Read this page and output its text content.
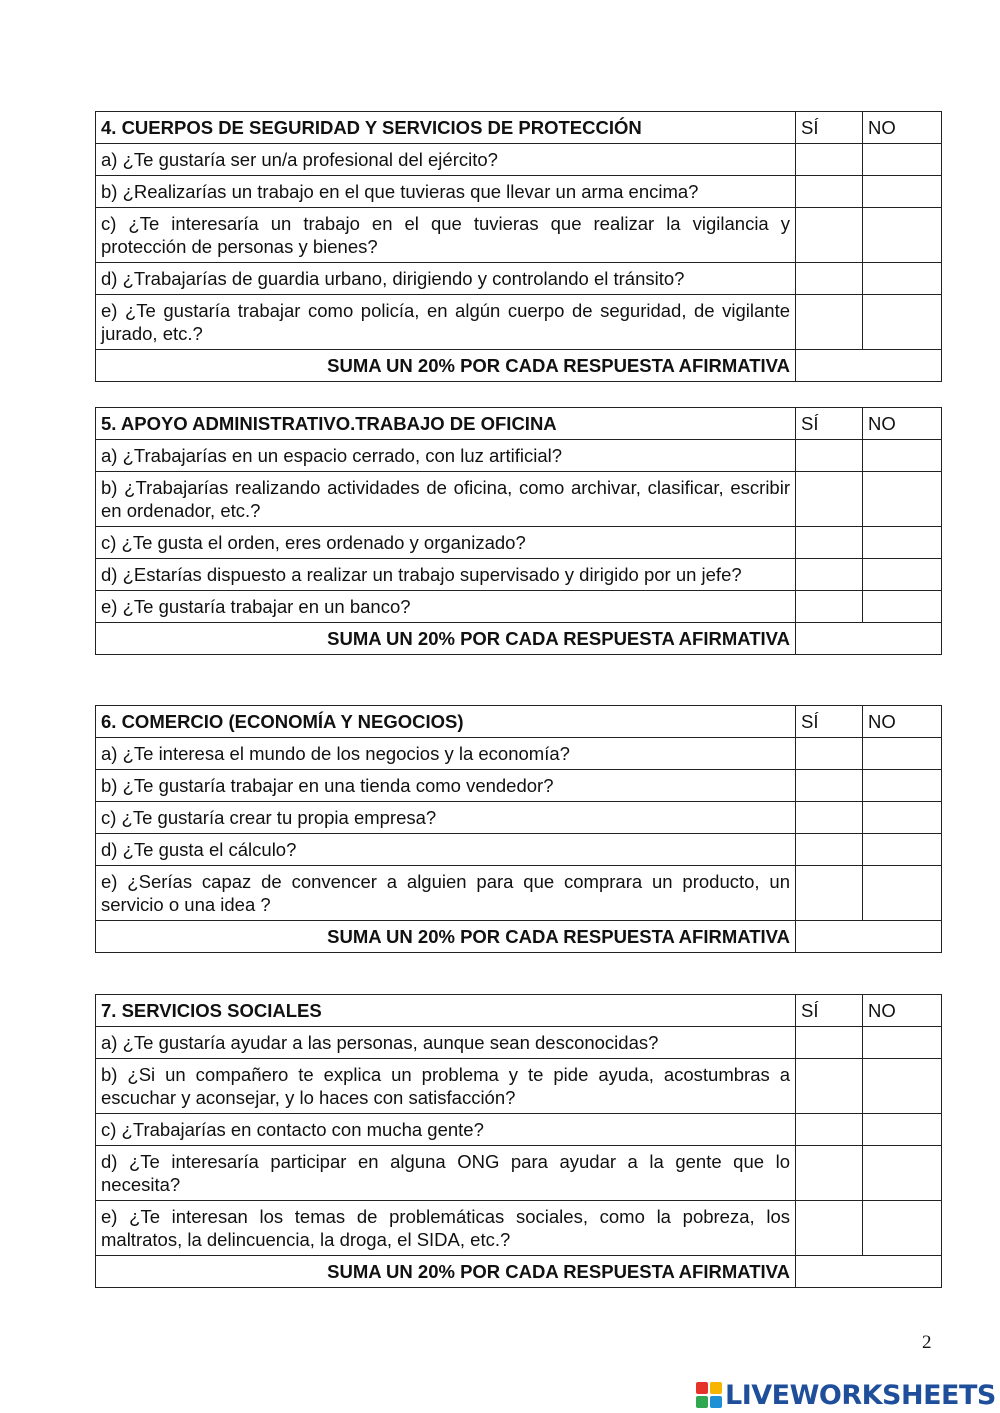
4. CUERPOS DE SEGURIDAD Y SERVICIOS DE PROTECCIÓN	SÍ	NO
a) ¿Te gustaría ser un/a profesional del ejército?		
b) ¿Realizarías un trabajo en el que tuvieras que llevar un arma encima?		
c) ¿Te interesaría un trabajo en el que tuvieras que realizar la vigilancia y protección de personas y bienes?		
d) ¿Trabajarías de guardia urbano, dirigiendo y controlando el tránsito?		
e) ¿Te gustaría trabajar como policía, en algún cuerpo de seguridad, de vigilante jurado, etc.?		
SUMA UN 20% POR CADA RESPUESTA AFIRMATIVA		
5. APOYO ADMINISTRATIVO.TRABAJO DE OFICINA	SÍ	NO
a) ¿Trabajarías en un espacio cerrado, con luz artificial?		
b) ¿Trabajarías realizando actividades de oficina, como archivar, clasificar, escribir en ordenador, etc.?		
c) ¿Te gusta el orden, eres ordenado y organizado?		
d) ¿Estarías dispuesto a realizar un trabajo supervisado y dirigido por un jefe?		
e) ¿Te gustaría trabajar en un banco?		
SUMA UN 20% POR CADA RESPUESTA AFIRMATIVA		
6. COMERCIO (ECONOMÍA Y NEGOCIOS)	SÍ	NO
a) ¿Te interesa el mundo de los negocios y la economía?		
b) ¿Te gustaría trabajar en una tienda como vendedor?		
c) ¿Te gustaría crear tu propia empresa?		
d) ¿Te gusta el cálculo?		
e) ¿Serías capaz de convencer a alguien para que comprara un producto, un servicio o una idea ?		
SUMA UN 20% POR CADA RESPUESTA AFIRMATIVA		
7. SERVICIOS SOCIALES	SÍ	NO
a) ¿Te gustaría ayudar a las personas, aunque sean desconocidas?		
b) ¿Si un compañero te explica un problema y te pide ayuda, acostumbras a escuchar y aconsejar, y lo haces con satisfacción?		
c) ¿Trabajarías en contacto con mucha gente?		
d) ¿Te interesaría participar en alguna ONG para ayudar a la gente que lo necesita?		
e) ¿Te interesan los temas de problemáticas sociales, como la pobreza, los maltratos, la delincuencia, la droga, el SIDA, etc.?		
SUMA UN 20% POR CADA RESPUESTA AFIRMATIVA		
2
LIVEWORKSHEETS
